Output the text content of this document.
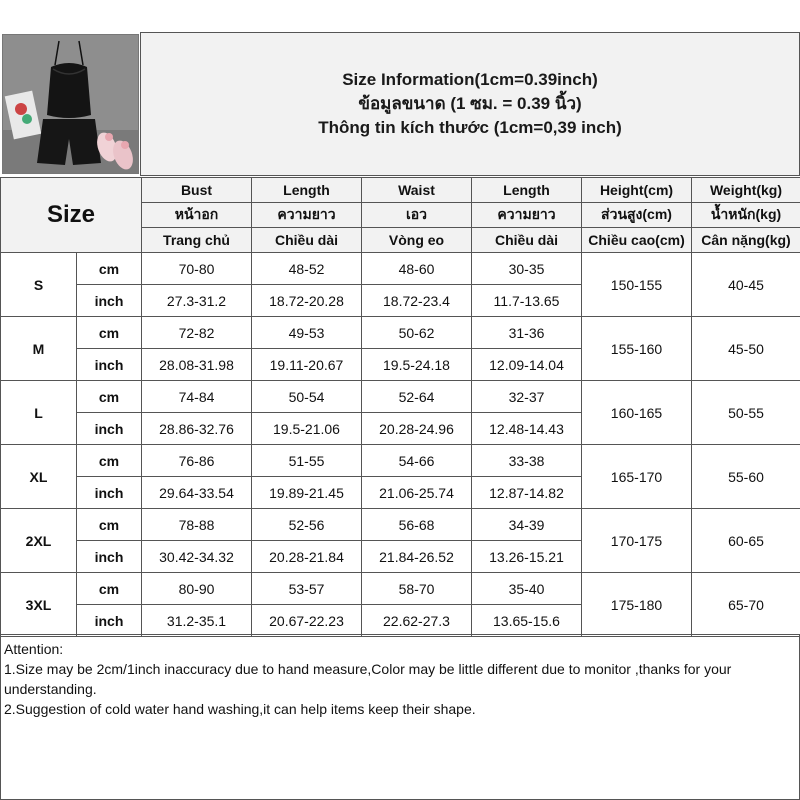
Size Information(1cm=0.39inch)
ข้อมูลขนาด (1 ซม. = 0.39 นิ้ว)
Thông tin kích thước (1cm=0,39 inch)
Size		Bust	Length	Waist	Length	Height(cm)	Weight(kg)
		หน้าอก	ความยาว	เอว	ความยาว	ส่วนสูง(cm)	น้ำหนัก(kg)
		Trang chủ	Chiều dài	Vòng eo	Chiều dài	Chiều cao(cm)	Cân nặng(kg)
S	cm	70-80	48-52	48-60	30-35	150-155	40-45
	inch	27.3-31.2	18.72-20.28	18.72-23.4	11.7-13.65		
M	cm	72-82	49-53	50-62	31-36	155-160	45-50
	inch	28.08-31.98	19.11-20.67	19.5-24.18	12.09-14.04		
L	cm	74-84	50-54	52-64	32-37	160-165	50-55
	inch	28.86-32.76	19.5-21.06	20.28-24.96	12.48-14.43		
XL	cm	76-86	51-55	54-66	33-38	165-170	55-60
	inch	29.64-33.54	19.89-21.45	21.06-25.74	12.87-14.82		
2XL	cm	78-88	52-56	56-68	34-39	170-175	60-65
	inch	30.42-34.32	20.28-21.84	21.84-26.52	13.26-15.21		
3XL	cm	80-90	53-57	58-70	35-40	175-180	65-70
	inch	31.2-35.1	20.67-22.23	22.62-27.3	13.65-15.6		
Attention:
1.Size may be 2cm/1inch inaccuracy due to hand measure,Color may be little different due to monitor ,thanks for your understanding.
2.Suggestion of cold water hand washing,it can help items keep their shape.
